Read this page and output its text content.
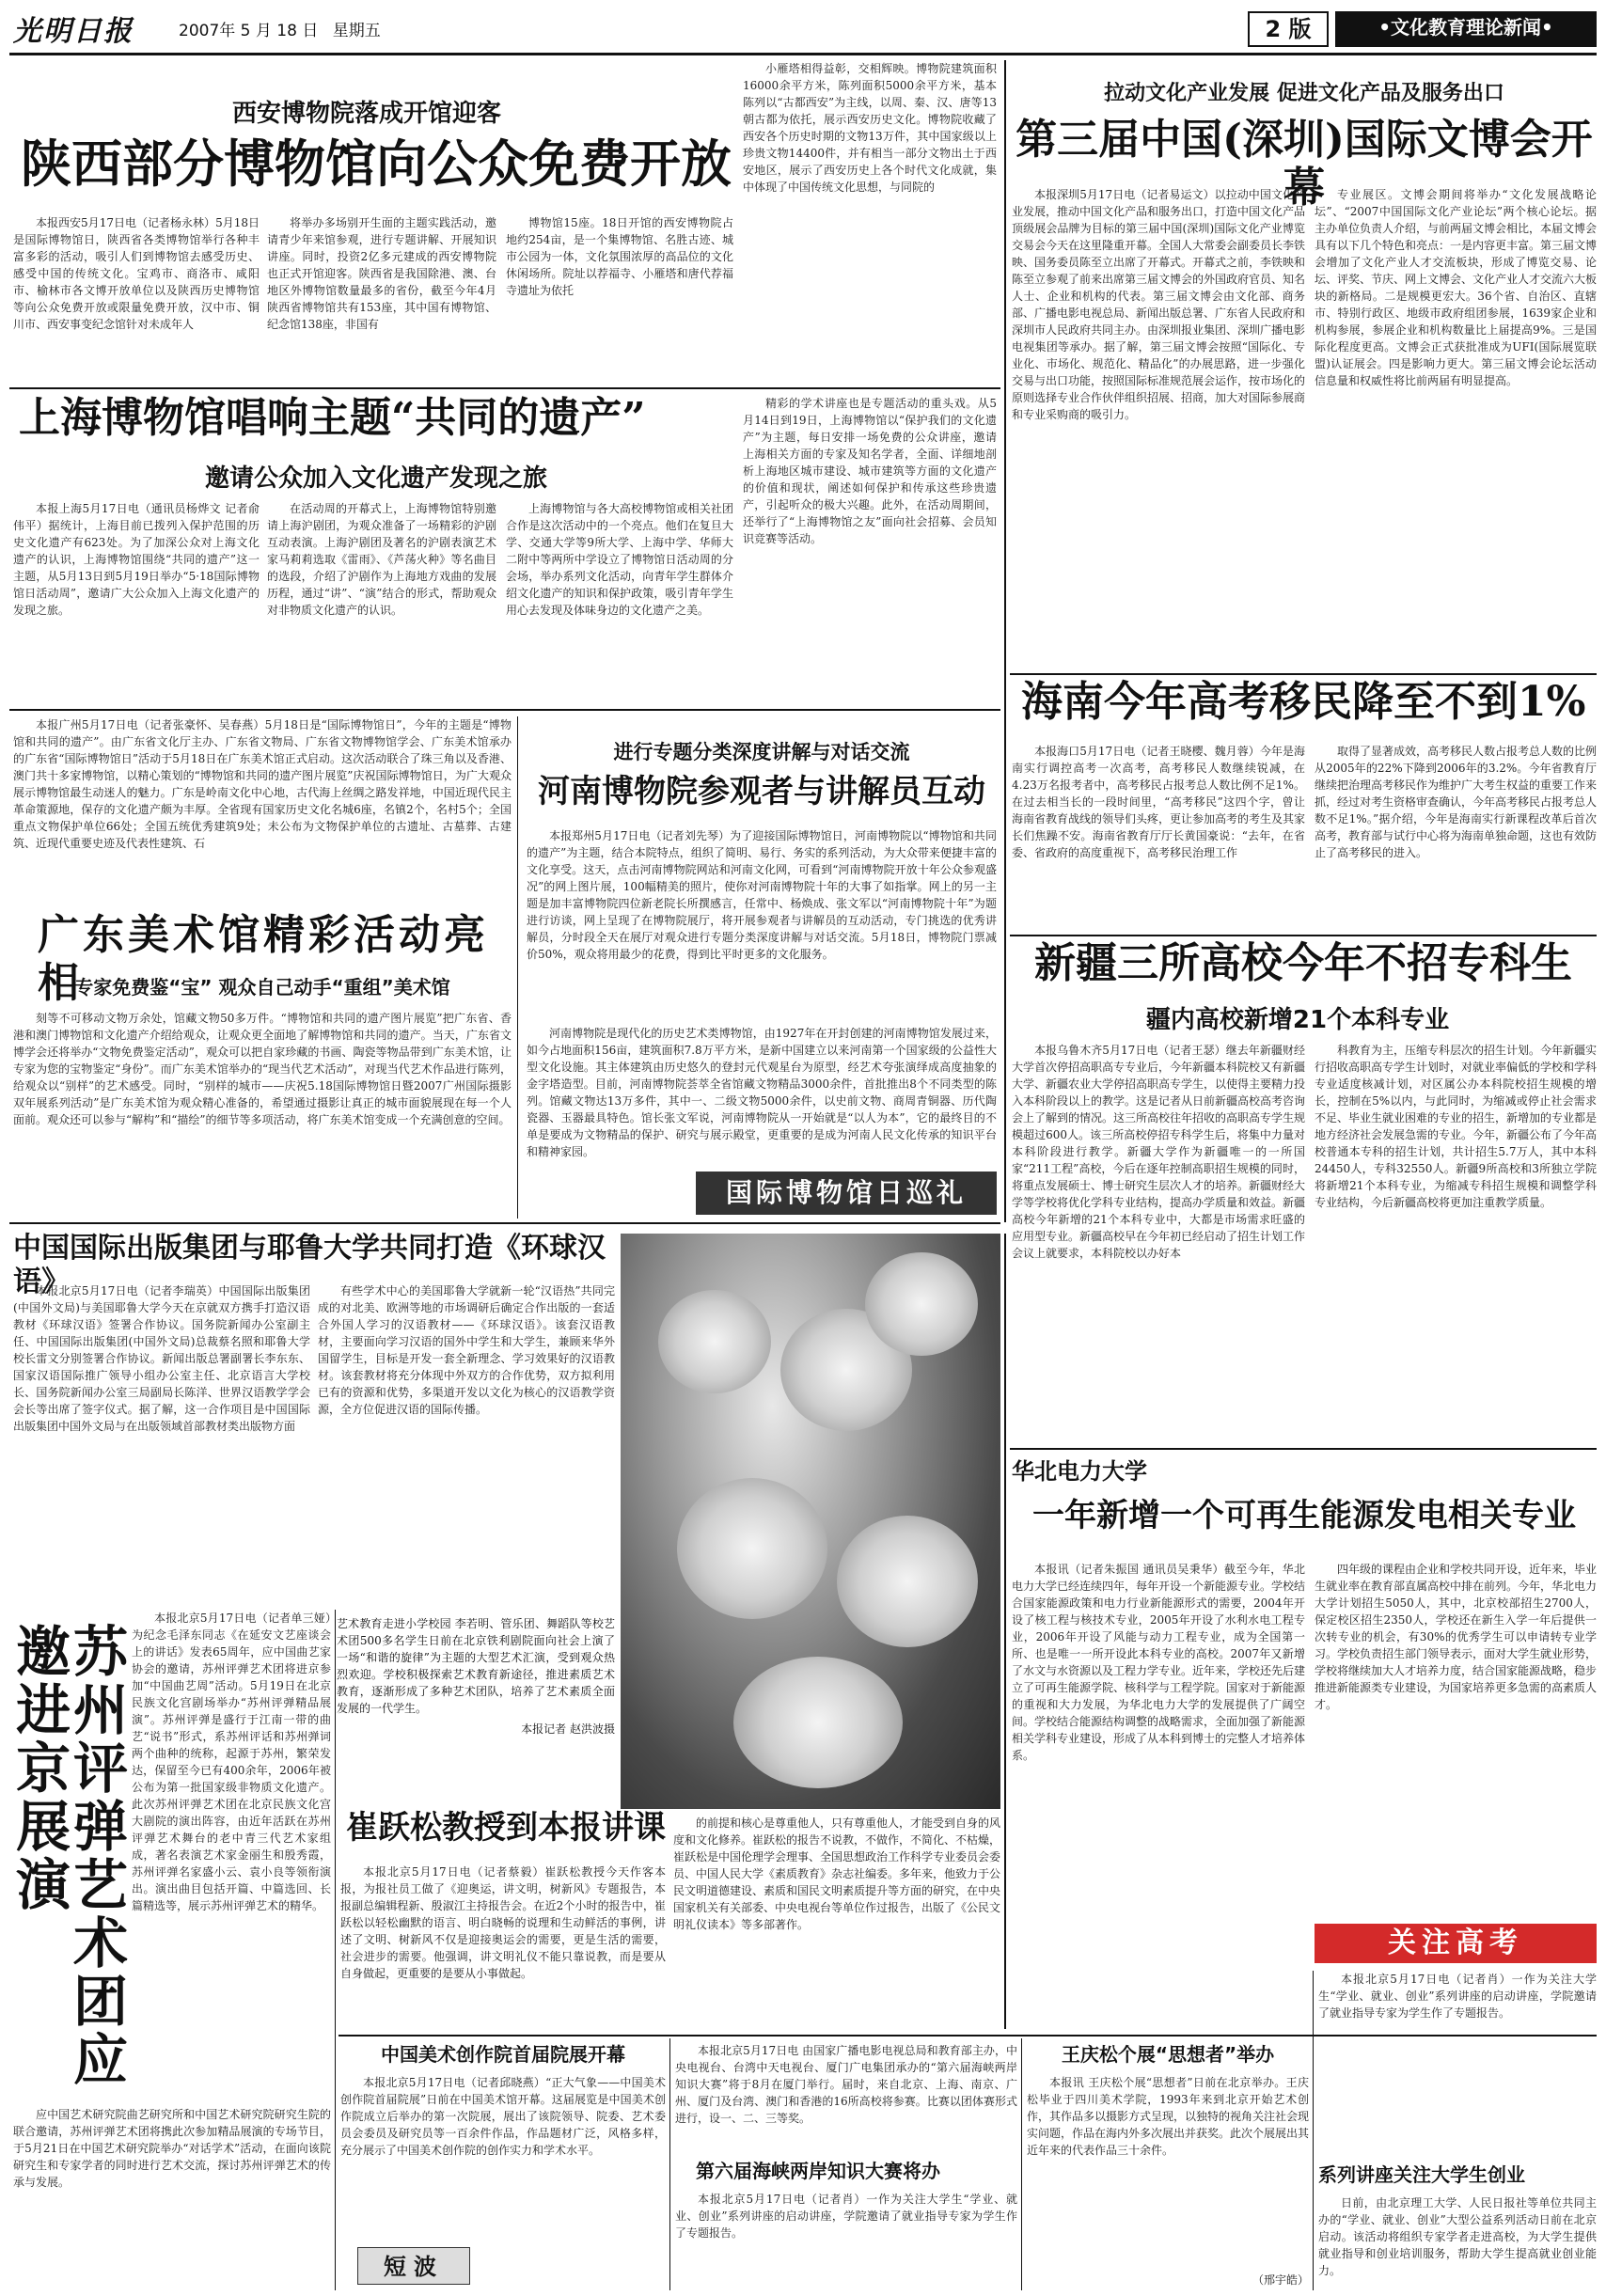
光明日报	2007年 5 月 18 日 星期五	2 版	•文化教育理论新闻•
西安博物院落成开馆迎客
陕西部分博物馆向公众免费开放

本报西安5月17日电（记者杨永林）5月18日是国际博物馆日，陕西省各类博物馆举行各种丰富多彩的活动，吸引人们到博物馆去感受历史、感受中国的传统文化。宝鸡市、商洛市、咸阳市、榆林市各文博开放单位以及陕西历史博物馆等向公众免费开放或限量免费开放，汉中市、铜川市、西安事变纪念馆针对未成年人

将举办多场别开生面的主题实践活动，邀请青少年来馆参观，进行专题讲解、开展知识讲座。同时，投资2亿多元建成的西安博物院也正式开馆迎客。陕西省是我国除港、澳、台地区外博物馆数量最多的省份，截至今年4月陕西省博物馆共有153座，其中国有博物馆、纪念馆138座，非国有

博物馆15座。18日开馆的西安博物院占地约254亩，是一个集博物馆、名胜古迹、城市公园为一体，文化氛围浓厚的高品位的文化休闲场所。院址以荐福寺、小雁塔和唐代荐福寺遗址为依托

小雁塔相得益彰，交相辉映。博物院建筑面积16000余平方米，陈列面积5000余平方米，基本陈列以“古都西安”为主线，以周、秦、汉、唐等13朝古都为依托，展示西安历史文化。博物院收藏了西安各个历史时期的文物13万件，其中国家级以上珍贵文物14400件，并有相当一部分文物出土于西安地区，展示了西安历史上各个时代文化成就，集中体现了中国传统文化思想，与同院的

上海博物馆唱响主题“共同的遗产”
邀请公众加入文化遗产发现之旅

本报上海5月17日电（通讯员杨烨文 记者俞伟平）据统计，上海目前已拨列入保护范围的历史文化遗产有623处。为了加深公众对上海文化遗产的认识，上海博物馆围绕“共同的遗产”这一主题，从5月13日到5月19日举办“5·18国际博物馆日活动周”，邀请广大公众加入上海文化遗产的发现之旅。

在活动周的开幕式上，上海博物馆特别邀请上海沪剧团，为观众准备了一场精彩的沪剧互动表演。上海沪剧团及著名的沪剧表演艺术家马莉莉选取《雷雨》、《芦荡火种》等名曲目的选段，介绍了沪剧作为上海地方戏曲的发展历程，通过“讲”、“演”结合的形式，帮助观众对非物质文化遗产的认识。

上海博物馆与各大高校博物馆或相关社团合作是这次活动中的一个亮点。他们在复旦大学、交通大学等9所大学、上海中学、华师大二附中等两所中学设立了博物馆日活动周的分会场，举办系列文化活动，向青年学生群体介绍文化遗产的知识和保护政策，吸引青年学生用心去发现及体味身边的文化遗产之美。

精彩的学术讲座也是专题活动的重头戏。从5月14日到19日，上海博物馆以“保护我们的文化遗产”为主题，每日安排一场免费的公众讲座，邀请上海相关方面的专家及知名学者，全面、详细地剖析上海地区城市建设、城市建筑等方面的文化遗产的价值和现状，阐述如何保护和传承这些珍贵遗产，引起听众的极大兴趣。此外，在活动周期间，还举行了“上海博物馆之友”面向社会招募、会员知识竞赛等活动。

本报广州5月17日电（记者张豪怀、吴春燕）5月18日是“国际博物馆日”，今年的主题是“博物馆和共同的遗产”。由广东省文化厅主办、广东省文物局、广东省文物博物馆学会、广东美术馆承办的广东省“国际博物馆日”活动于5月18日在广东美术馆正式启动。这次活动联合了珠三角以及香港、澳门共十多家博物馆，以精心策划的“博物馆和共同的遗产图片展览”庆祝国际博物馆日，为广大观众展示博物馆最生动迷人的魅力。广东是岭南文化中心地，古代海上丝绸之路发祥地，中国近现代民主革命策源地，保存的文化遗产颇为丰厚。全省现有国家历史文化名城6座，名镇2个，名村5个；全国重点文物保护单位66处；全国五统优秀建筑9处；未公布为文物保护单位的古遗址、古墓葬、古建筑、近现代重要史迹及代表性建筑、石

广东美术馆精彩活动亮相
专家免费鉴“宝” 观众自己动手“重组”美术馆

刻等不可移动文物万余处，馆藏文物50多万件。“博物馆和共同的遗产图片展览”把广东省、香港和澳门博物馆和文化遗产介绍给观众，让观众更全面地了解博物馆和共同的遗产。当天，广东省文博学会还将举办“文物免费鉴定活动”，观众可以把自家珍藏的书画、陶瓷等物品带到广东美术馆，让专家为您的宝物鉴定“身份”。而广东美术馆举办的“现当代艺术活动”，对现当代艺术作品进行陈列，给观众以“别样”的艺术感受。同时，“别样的城市——庆祝5.18国际博物馆日暨2007广州国际摄影双年展系列活动”是广东美术馆为观众精心准备的，希望通过摄影让真正的城市面貌展现在每一个人面前。观众还可以参与“解构”和“描绘”的细节等多项活动，将广东美术馆变成一个充满创意的空间。

进行专题分类深度讲解与对话交流
河南博物院参观者与讲解员互动

本报郑州5月17日电（记者刘先琴）为了迎接国际博物馆日，河南博物院以“博物馆和共同的遗产”为主题，结合本院特点，组织了简明、易行、务实的系列活动，为大众带来便捷丰富的文化享受。这天，点击河南博物院网站和河南文化网，可看到“河南博物院开放十年公众参观盛况”的网上图片展，100幅精美的照片，使你对河南博物院十年的大事了如指掌。网上的另一主题是加丰富博物院四位新老院长所撰感言，任常中、杨焕成、张文军以“河南博物院十年”为题进行访谈，网上呈现了在博物院展厅，将开展参观者与讲解员的互动活动，专门挑选的优秀讲解员，分时段全天在展厅对观众进行专题分类深度讲解与对话交流。5月18日，博物院门票减价50%，观众将用最少的花费，得到比平时更多的文化服务。

河南博物院是现代化的历史艺术类博物馆，由1927年在开封创建的河南博物馆发展过来，如今占地面积156亩，建筑面积7.8万平方米，是新中国建立以来河南第一个国家级的公益性大型文化设施。其主体建筑由历史悠久的登封元代观星台为原型，经艺术夸张演绎成高度抽象的金字塔造型。目前，河南博物院荟萃全省馆藏文物精品3000余件，首批推出8个不同类型的陈列。馆藏文物达13万多件，其中一、二级文物5000余件，以史前文物、商周青铜器、历代陶瓷器、玉器最具特色。馆长张文军说，河南博物院从一开始就是“以人为本”，它的最终目的不单是要成为文物精品的保护、研究与展示殿堂，更重要的是成为河南人民文化传承的知识平台和精神家园。

国际博物馆日巡礼
拉动文化产业发展 促进文化产品及服务出口
第三届中国(深圳)国际文博会开幕

本报深圳5月17日电（记者易运文）以拉动中国文化产业发展，推动中国文化产品和服务出口，打造中国文化产品顶级展会品牌为目标的第三届中国(深圳)国际文化产业博览交易会今天在这里隆重开幕。全国人大常委会副委员长李铁映、国务委员陈至立出席了开幕式。开幕式之前，李铁映和陈至立参观了前来出席第三届文博会的外国政府官员、知名人士、企业和机构的代表。第三届文博会由文化部、商务部、广播电影电视总局、新闻出版总署、广东省人民政府和深圳市人民政府共同主办。由深圳报业集团、深圳广播电影电视集团等承办。据了解，第三届文博会按照“国际化、专业化、市场化、规范化、精品化”的办展思路，进一步强化交易与出口功能，按照国际标准规范展会运作，按市场化的原则选择专业合作伙伴组织招展、招商，加大对国际参展商和专业采购商的吸引力。

专业展区。文博会期间将举办“文化发展战略论坛”、“2007中国国际文化产业论坛”两个核心论坛。据主办单位负责人介绍，与前两届文博会相比，本届文博会具有以下几个特色和亮点：一是内容更丰富。第三届文博会增加了文化产业人才交流板块，形成了博览交易、论坛、评奖、节庆、网上文博会、文化产业人才交流六大板块的新格局。二是规模更宏大。36个省、自治区、直辖市、特别行政区、地级市政府组团参展，1639家企业和机构参展，参展企业和机构数量比上届提高9%。三是国际化程度更高。文博会正式获批准成为UFI(国际展览联盟)认证展会。四是影响力更大。第三届文博会论坛活动信息量和权威性将比前两届有明显提高。

海南今年高考移民降至不到1%

本报海口5月17日电（记者王晓樱、魏月蓉）今年是海南实行调控高考一次高考，高考移民人数继续锐减，在4.23万名报考者中，高考移民占报考总人数比例不足1%。在过去相当长的一段时间里，“高考移民”这四个字，曾让海南省教育战线的领导们头疼，更让参加高考的考生及其家长们焦躁不安。海南省教育厅厅长黄国豪说：“去年，在省委、省政府的高度重视下，高考移民治理工作

取得了显著成效，高考移民人数占报考总人数的比例从2005年的22%下降到2006年的3.2%。今年省教育厅继续把治理高考移民作为维护广大考生权益的重要工作来抓，经过对考生资格审查确认，今年高考移民占报考总人数不足1%。”据介绍，今年是海南实行新课程改革后首次高考，教育部与试行中心将为海南单独命题，这也有效防止了高考移民的进入。

新疆三所高校今年不招专科生
疆内高校新增21个本科专业

本报乌鲁木齐5月17日电（记者王瑟）继去年新疆财经大学首次停招高职高专专业后，今年新疆本科院校又有新疆大学、新疆农业大学停招高职高专学生，以使得主要精力投入本科阶段以上的教学。这是记者从日前新疆高校高考咨询会上了解到的情况。这三所高校往年招收的高职高专学生规模超过600人。该三所高校停招专科学生后，将集中力量对本科阶段进行教学。新疆大学作为新疆唯一的一所国家“211工程”高校，今后在逐年控制高职招生规模的同时，将重点发展硕士、博士研究生层次人才的培养。新疆财经大学等学校将优化学科专业结构，提高办学质量和效益。新疆高校今年新增的21个本科专业中，大都是市场需求旺盛的应用型专业。新疆高校早在今年初已经启动了招生计划工作会议上就要求，本科院校以办好本

科教育为主，压缩专科层次的招生计划。今年新疆实行招收高职高专学生计划时，对就业率偏低的学校和学科专业适度核减计划，对区属公办本科院校招生规模的增长，控制在5%以内，与此同时，为缩减或停止社会需求不足、毕业生就业困难的专业的招生，新增加的专业都是地方经济社会发展急需的专业。今年，新疆公布了今年高校普通本专科的招生计划，共计招生5.7万人，其中本科24450人，专科32550人。新疆9所高校和3所独立学院将新增21个本科专业，为缩减专科招生规模和调整学科专业结构，今后新疆高校将更加注重教学质量。

华北电力大学
一年新增一个可再生能源发电相关专业

本报讯（记者朱振国 通讯员吴秉华）截至今年，华北电力大学已经连续四年，每年开设一个新能源专业。学校结合国家能源政策和电力行业新能源形式的需要，2004年开设了核工程与核技术专业，2005年开设了水利水电工程专业，2006年开设了风能与动力工程专业，成为全国第一所、也是唯一一所开设此本科专业的高校。2007年又新增了水文与水资源以及工程力学专业。近年来，学校还先后建立了可再生能源学院、核科学与工程学院。国家对于新能源的重视和大力发展，为华北电力大学的发展提供了广阔空间。学校结合能源结构调整的战略需求，全面加强了新能源相关学科专业建设，形成了从本科到博士的完整人才培养体系。

四年级的课程由企业和学校共同开设，近年来，毕业生就业率在教育部直属高校中排在前列。今年，华北电力大学计划招生5050人，其中，北京校部招生2700人，保定校区招生2350人，学校还在新生入学一年后提供一次转专业的机会，有30%的优秀学生可以申请转专业学习。学校负责招生部门领导表示，面对大学生就业形势，学校将继续加大人才培养力度，结合国家能源战略，稳步推进新能源类专业建设，为国家培养更多急需的高素质人才。

关注高考
中国国际出版集团与耶鲁大学共同打造《环球汉语》

本报北京5月17日电（记者李瑞英）中国国际出版集团(中国外文局)与美国耶鲁大学今天在京就双方携手打造汉语教材《环球汉语》签署合作协议。国务院新闻办公室副主任、中国国际出版集团(中国外文局)总裁蔡名照和耶鲁大学校长雷文分别签署合作协议。新闻出版总署副署长李东东、国家汉语国际推广领导小组办公室主任、北京语言大学校长、国务院新闻办公室三局副局长陈洋、世界汉语教学学会会长等出席了签字仪式。据了解，这一合作项目是中国国际出版集团中国外文局与在出版领域首部教材类出版物方面

有些学术中心的美国耶鲁大学就新一轮“汉语热”共同完成的对北美、欧洲等地的市场调研后确定合作出版的一套适合外国人学习的汉语教材——《环球汉语》。该套汉语教材，主要面向学习汉语的国外中学生和大学生，兼顾来华外国留学生，目标是开发一套全新理念、学习效果好的汉语教材。该套教材将充分体现中外双方的合作优势，双方拟利用已有的资源和优势，多渠道开发以文化为核心的汉语教学资源，全方位促进汉语的国际传播。

艺术教育走进小学校园 李若明、管乐团、舞蹈队等校艺术团500多名学生日前在北京铁利剧院面向社会上演了一场“和谐的旋律”为主题的大型艺术汇演，受到观众热烈欢迎。学校积极探索艺术教育新途径，推进素质艺术教育，逐渐形成了多种艺术团队，培养了艺术素质全面发展的一代学生。
本报记者 赵洪波摄
苏州评弹艺术团应邀进京展演

本报北京5月17日电（记者单三娅）为纪念毛泽东同志《在延安文艺座谈会上的讲话》发表65周年，应中国曲艺家协会的邀请，苏州评弹艺术团将进京参加“中国曲艺周”活动。5月19日在北京民族文化宫剧场举办“苏州评弹精品展演”。苏州评弹是盛行于江南一带的曲艺“说书”形式，系苏州评话和苏州弹词两个曲种的统称，起源于苏州，繁荣发达，保留至今已有400余年，2006年被公布为第一批国家级非物质文化遗产。此次苏州评弹艺术团在北京民族文化宫大剧院的演出阵容，由近年活跃在苏州评弹艺术舞台的老中青三代艺术家组成，著名表演艺术家金丽生和殷秀霞，苏州评弹名家盛小云、袁小良等领衔演出。演出曲目包括开篇、中篇选回、长篇精选等，展示苏州评弹艺术的精华。

应中国艺术研究院曲艺研究所和中国艺术研究院研究生院的联合邀请，苏州评弹艺术团将携此次参加精品展演的专场节目，于5月21日在中国艺术研究院举办“对话学术”活动，在面向该院研究生和专家学者的同时进行艺术交流，探讨苏州评弹艺术的传承与发展。

崔跃松教授到本报讲课

本报北京5月17日电（记者蔡毅）崔跃松教授今天作客本报，为报社员工做了《迎奥运，讲文明，树新风》专题报告，本报副总编辑程新、殷淑江主持报告会。在近2个小时的报告中，崔跃松以轻松幽默的语言、明白晓畅的说理和生动鲜活的事例，讲述了文明、树新风不仅是迎接奥运会的需要，更是生活的需要，社会进步的需要。他强调，讲文明礼仪不能只靠说教，而是要从自身做起，更重要的是要从小事做起。

的前提和核心是尊重他人，只有尊重他人，才能受到自身的风度和文化修养。崔跃松的报告不说教，不做作，不简化、不枯燥，崔跃松是中国伦理学会理事、全国思想政治工作科学专业委员会委员、中国人民大学《素质教育》杂志社编委。多年来，他致力于公民文明道德建设、素质和国民文明素质提升等方面的研究，在中央国家机关有关部委、中央电视台等单位作过报告，出版了《公民文明礼仪读本》等多部著作。

中国美术创作院首届院展开幕

本报北京5月17日电（记者邱晓燕）“正大气象——中国美术创作院首届院展”日前在中国美术馆开幕。这届展览是中国美术创作院成立后举办的第一次院展，展出了该院领导、院委、艺术委员会委员及研究员等一百余件作品，作品题材广泛，风格多样，充分展示了中国美术创作院的创作实力和学术水平。

短波

本报北京5月17日电 由国家广播电影电视总局和教育部主办，中央电视台、台湾中天电视台、厦门广电集团承办的“第六届海峡两岸知识大赛”将于8月在厦门举行。届时，来自北京、上海、南京、广州、厦门及台湾、澳门和香港的16所高校将参赛。比赛以团体赛形式进行，设一、二、三等奖。

第六届海峡两岸知识大赛将办

本报北京5月17日电（记者肖）一作为关注大学生“学业、就业、创业”系列讲座的启动讲座，学院邀请了就业指导专家为学生作了专题报告。

王庆松个展“思想者”举办

本报讯 王庆松个展“思想者”日前在北京举办。王庆松毕业于四川美术学院，1993年来到北京开始艺术创作，其作品多以摄影方式呈现，以独特的视角关注社会现实问题，作品在海内外多次展出并获奖。此次个展展出其近年来的代表作品三十余件。

（邢宇皓）

本报北京5月17日电（记者肖）一作为关注大学生“学业、就业、创业”系列讲座的启动讲座，学院邀请了就业指导专家为学生作了专题报告。

系列讲座关注大学生创业

日前，由北京理工大学、人民日报社等单位共同主办的“学业、就业、创业”大型公益系列活动日前在北京启动。该活动将组织专家学者走进高校，为大学生提供就业指导和创业培训服务，帮助大学生提高就业创业能力。
